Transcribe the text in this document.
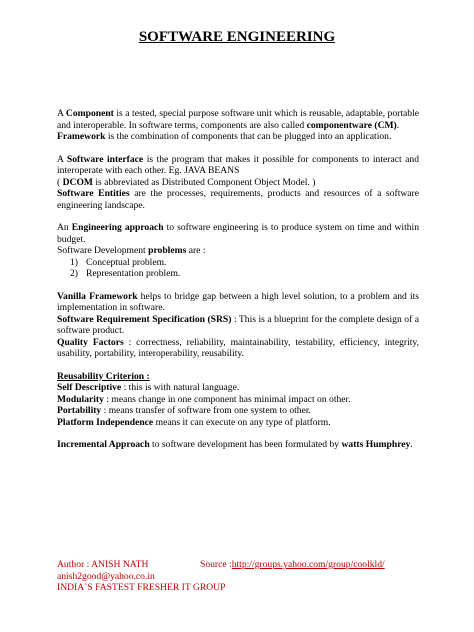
SOFTWARE ENGINEERING

A Component is a tested, special purpose software unit which is reusable, adaptable, portable and interoperable. In software terms, components are also called componentware (CM).

Framework is the combination of components that can be plugged into an application.

A Software interface is the program that makes it possible for components to interact and interoperate with each other. Eg. JAVA BEANS

( DCOM is abbreviated as Distributed Component Object Model. )

Software Entities are the processes, requirements, products and resources of a software engineering landscape.

An Engineering approach to software engineering is to produce system on time and within budget.

Software Development problems are :

1) Conceptual problem.
2) Representation problem.

Vanilla Framework helps to bridge gap between a high level solution, to a problem and its implementation in software.

Software Requirement Specification (SRS) : This is a blueprint for the complete design of a software product.

Quality Factors : correctness, reliability, maintainability, testability, efficiency, integrity, usability, portability, interoperability, reusability.

Reusability Criterion :

Self Descriptive : this is with natural language.

Modularity : means change in one component has minimal impact on other.

Portability : means transfer of software from one system to other.

Platform Independence means it can execute on any type of platform.

Incremental Approach to software development has been formulated by watts Humphrey.

Author : ANISH NATH	Source : http://groups.yahoo.com/group/coolkld/
anish2good@yahoo.co.in
INDIA`S FASTEST FRESHER IT GROUP
